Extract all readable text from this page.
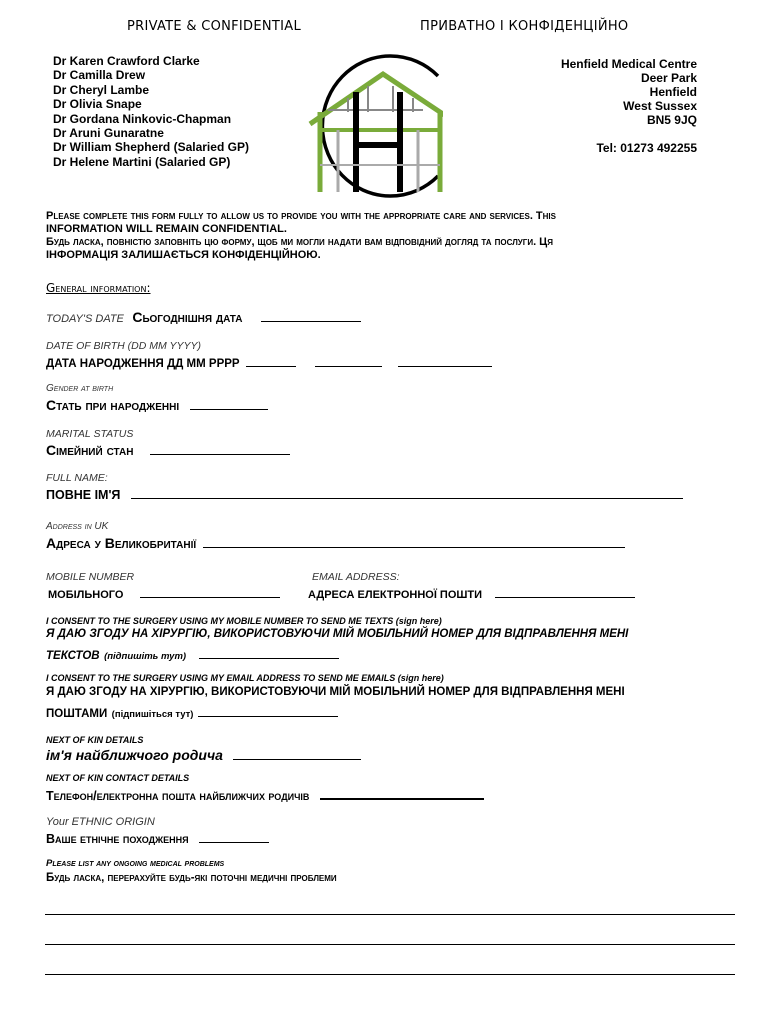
PRIVATE & CONFIDENTIAL	ПРИВАТНО І КОНФІДЕНЦІЙНО
Dr Karen Crawford Clarke
Dr Camilla Drew
Dr Cheryl Lambe
Dr Olivia Snape
Dr Gordana Ninkovic-Chapman
Dr Aruni Gunaratne
Dr William Shepherd (Salaried GP)
Dr Helene Martini (Salaried GP)
Henfield Medical Centre
Deer Park
Henfield
West Sussex
BN5 9JQ
Tel: 01273 492255
Please complete this form fully to allow us to provide you with the appropriate care and services. This
INFORMATION WILL REMAIN CONFIDENTIAL.
Будь ласка, повністю заповніть цю форму, щоб ми могли надати вам відповідний догляд та послуги. Ця
ІНФОРМАЦІЯ ЗАЛИШАЄТЬСЯ КОНФІДЕНЦІЙНОЮ.
General information:
TODAY'S DATE Сьогоднішня дата
DATE OF BIRTH (DD MM YYYY)
ДАТА НАРОДЖЕННЯ ДД ММ РРРР
Gender at birth
Стать при народженні
MARITAL STATUS
Сімейний стан
FULL NAME:
ПОВНЕ ІМ'Я
Address in UK
Адреса у Великобританії
MOBILE NUMBER	EMAIL ADDRESS:
МОБІЛЬНОГО	АДРЕСА ЕЛЕКТРОННОЇ ПОШТИ
I CONSENT TO THE SURGERY USING MY MOBILE NUMBER TO SEND ME TEXTS (sign here)
Я ДАЮ ЗГОДУ НА ХІРУРГІЮ, ВИКОРИСТОВУЮЧИ МІЙ МОБІЛЬНИЙ НОМЕР ДЛЯ ВІДПРАВЛЕННЯ МЕНІ
ТЕКСТОВ (підпишіть тут)
I CONSENT TO THE SURGERY USING MY EMAIL ADDRESS TO SEND ME EMAILS (sign here)
Я ДАЮ ЗГОДУ НА ХІРУРГІЮ, ВИКОРИСТОВУЮЧИ МІЙ МОБІЛЬНИЙ НОМЕР ДЛЯ ВІДПРАВЛЕННЯ МЕНІ
ПОШТАМИ (підпишіться тут)
NEXT OF KIN DETAILS
ім'я найближчого родича
NEXT OF KIN CONTACT DETAILS
Телефон/електронна пошта найближчих родичів
Your ETHNIC ORIGIN
Ваше етнічне походження
Please list any ongoing medical problems
Будь ласка, перерахуйте будь-які поточні медичні проблеми
